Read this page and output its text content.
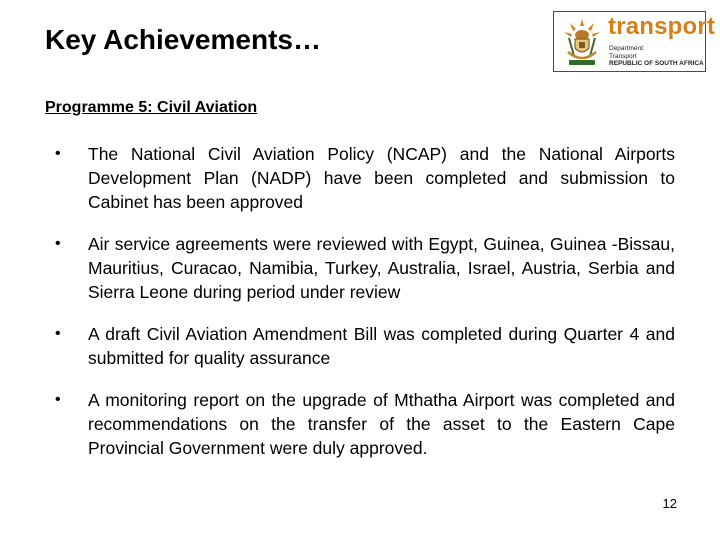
Key Achievements…	transport
Department:
Transport
REPUBLIC OF SOUTH AFRICA
Programme 5: Civil Aviation
• The National Civil Aviation Policy (NCAP) and the National Airports Development Plan (NADP) have been completed and submission to Cabinet has been approved
• Air service agreements were reviewed with Egypt, Guinea, Guinea -Bissau, Mauritius, Curacao, Namibia, Turkey, Australia, Israel, Austria, Serbia and Sierra Leone during period under review
• A draft Civil Aviation Amendment Bill was completed during Quarter 4 and submitted for quality assurance
• A monitoring report on the upgrade of Mthatha Airport was completed and recommendations on the transfer of the asset to the Eastern Cape Provincial Government were duly approved.
12
